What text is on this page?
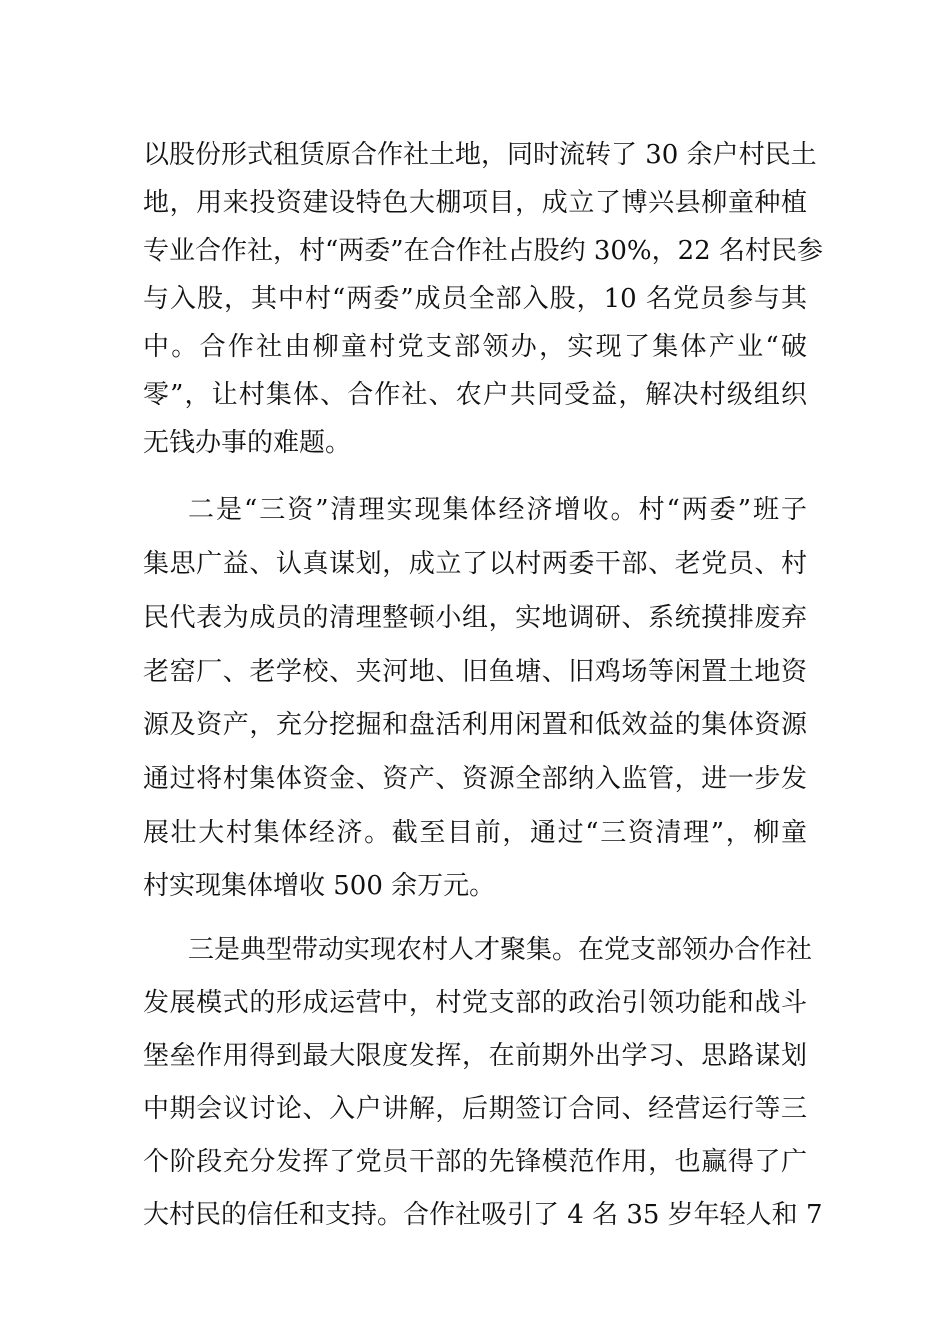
以股份形式租赁原合作社土地，同时流转了 30 余户村民土
地，用来投资建设特色大棚项目，成立了博兴县柳童种植
专业合作社，村“两委”在合作社占股约 30%，22 名村民参
与入股，其中村“两委”成员全部入股，10 名党员参与其
中。合作社由柳童村党支部领办，实现了集体产业“破
零”，让村集体、合作社、农户共同受益，解决村级组织
无钱办事的难题。
二是“三资”清理实现集体经济增收。村“两委”班子
集思广益、认真谋划，成立了以村两委干部、老党员、村
民代表为成员的清理整顿小组，实地调研、系统摸排废弃
老窑厂、老学校、夹河地、旧鱼塘、旧鸡场等闲置土地资
源及资产，充分挖掘和盘活利用闲置和低效益的集体资源
通过将村集体资金、资产、资源全部纳入监管，进一步发
展壮大村集体经济。截至目前，通过“三资清理”，柳童
村实现集体增收 500 余万元。
三是典型带动实现农村人才聚集。在党支部领办合作社
发展模式的形成运营中，村党支部的政治引领功能和战斗
堡垒作用得到最大限度发挥，在前期外出学习、思路谋划
中期会议讨论、入户讲解，后期签订合同、经营运行等三
个阶段充分发挥了党员干部的先锋模范作用，也赢得了广
大村民的信任和支持。合作社吸引了 4 名 35 岁年轻人和 7
